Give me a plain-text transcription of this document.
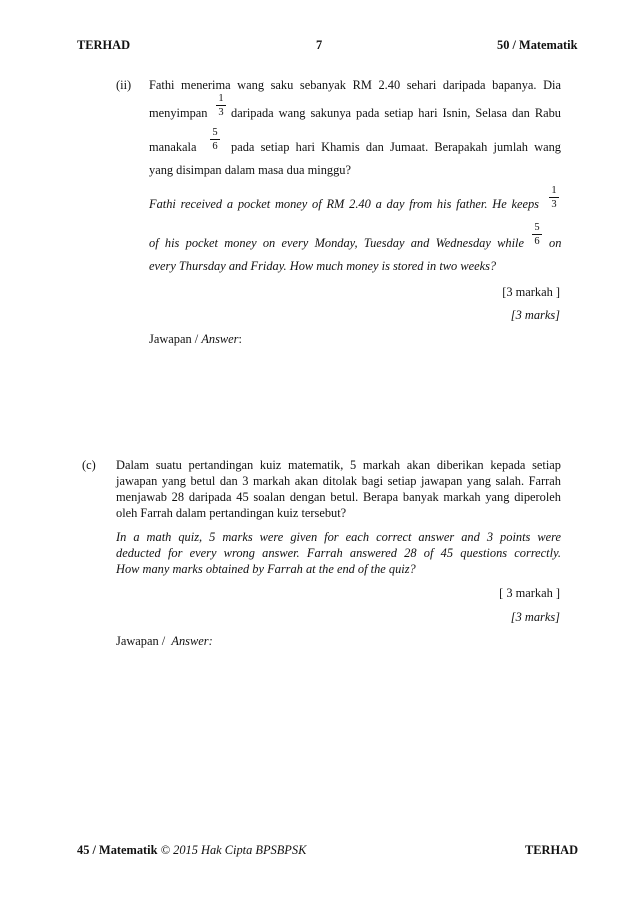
TERHAD	7	50 / Matematik
(ii) Fathi menerima wang saku sebanyak RM 2.40 sehari daripada bapanya. Dia
menyimpan
1
3 daripada wang sakunya pada setiap hari Isnin, Selasa dan Rabu
manakala
5
6 pada setiap hari Khamis dan Jumaat. Berapakah jumlah wang
yang disimpan dalam masa dua minggu?
Fathi received a pocket money of RM 2.40 a day from his father. He keeps
1
3
of his pocket money on every Monday, Tuesday and Wednesday while
5
6 on
every Thursday and Friday. How much money is stored in two weeks?
[3 markah ]
[3 marks]
Jawapan / Answer:
(c) Dalam suatu pertandingan kuiz matematik, 5 markah akan diberikan kepada setiap
jawapan yang betul dan 3 markah akan ditolak bagi setiap jawapan yang salah. Farrah
menjawab 28 daripada 45 soalan dengan betul. Berapa banyak markah yang diperoleh
oleh Farrah dalam pertandingan kuiz tersebut?
In a math quiz, 5 marks were given for each correct answer and 3 points were
deducted for every wrong answer. Farrah answered 28 of 45 questions correctly.
How many marks obtained by Farrah at the end of the quiz?
[ 3 markah ]
[3 marks]
Jawapan /  Answer:
45 / Matematik © 2015 Hak Cipta BPSBPSK	TERHAD
